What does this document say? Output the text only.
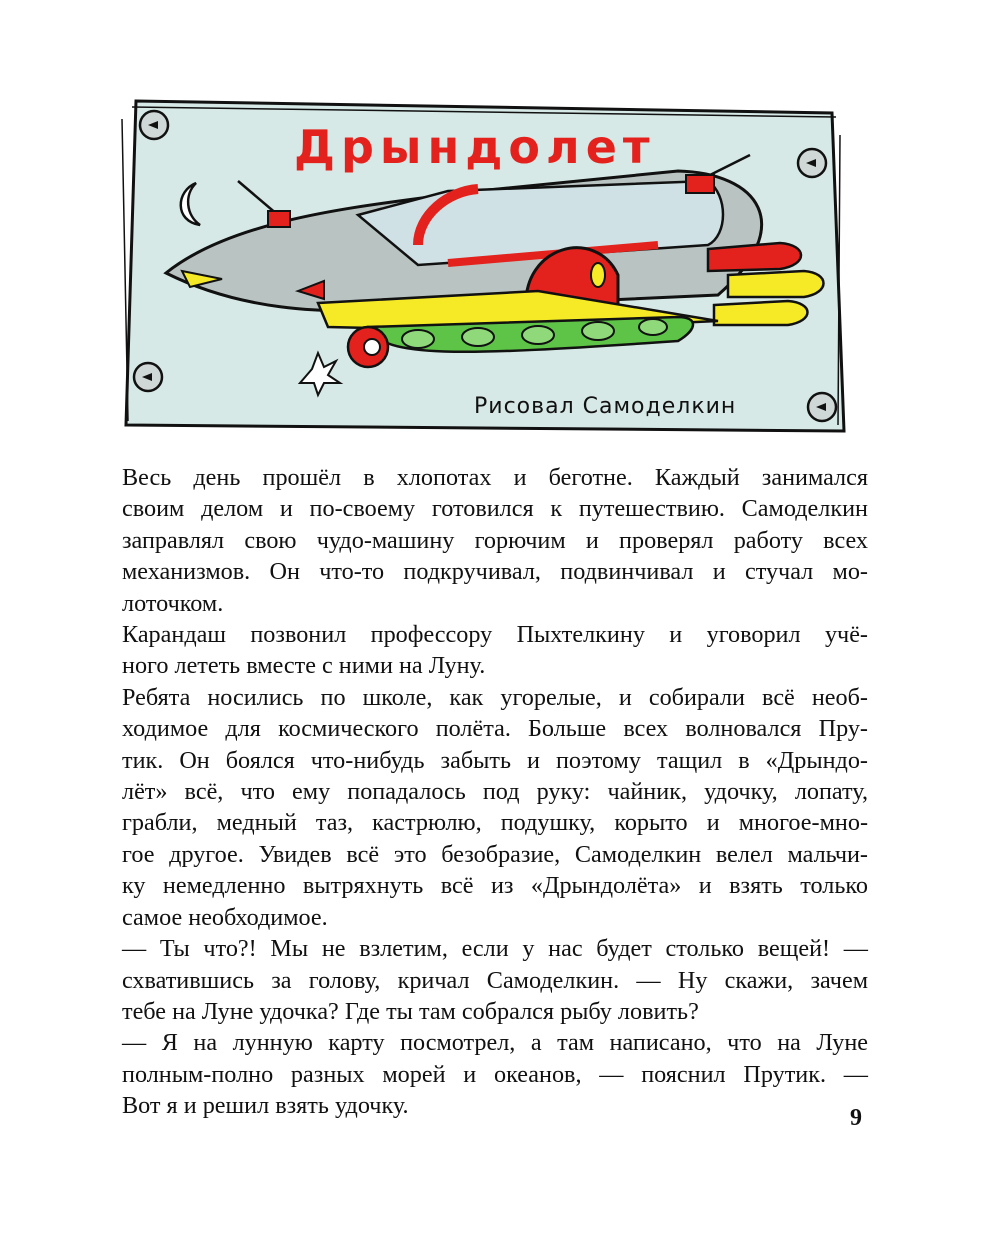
Дрындолет
Рисовал Самоделкин

Весь день прошёл в хлопотах и беготне. Каждый занимался
своим делом и по-своему готовился к путешествию. Самоделкин
заправлял свою чудо-машину горючим и проверял работу всех
механизмов. Он что-то подкручивал, подвинчивал и стучал мо-
лоточком.

Карандаш позвонил профессору Пыхтелкину и уговорил учё-
ного лететь вместе с ними на Луну.

Ребята носились по школе, как угорелые, и собирали всё необ-
ходимое для космического полёта. Больше всех волновался Пру-
тик. Он боялся что-нибудь забыть и поэтому тащил в «Дрындо-
лёт» всё, что ему попадалось под руку: чайник, удочку, лопату,
грабли, медный таз, кастрюлю, подушку, корыто и многое-мно-
гое другое. Увидев всё это безобразие, Самоделкин велел мальчи-
ку немедленно вытряхнуть всё из «Дрындолёта» и взять только
самое необходимое.

— Ты что?! Мы не взлетим, если у нас будет столько вещей! —
схватившись за голову, кричал Самоделкин. — Ну скажи, зачем
тебе на Луне удочка? Где ты там собрался рыбу ловить?

— Я на лунную карту посмотрел, а там написано, что на Луне
полным-полно разных морей и океанов, — пояснил Прутик. —
Вот я и решил взять удочку.	9
